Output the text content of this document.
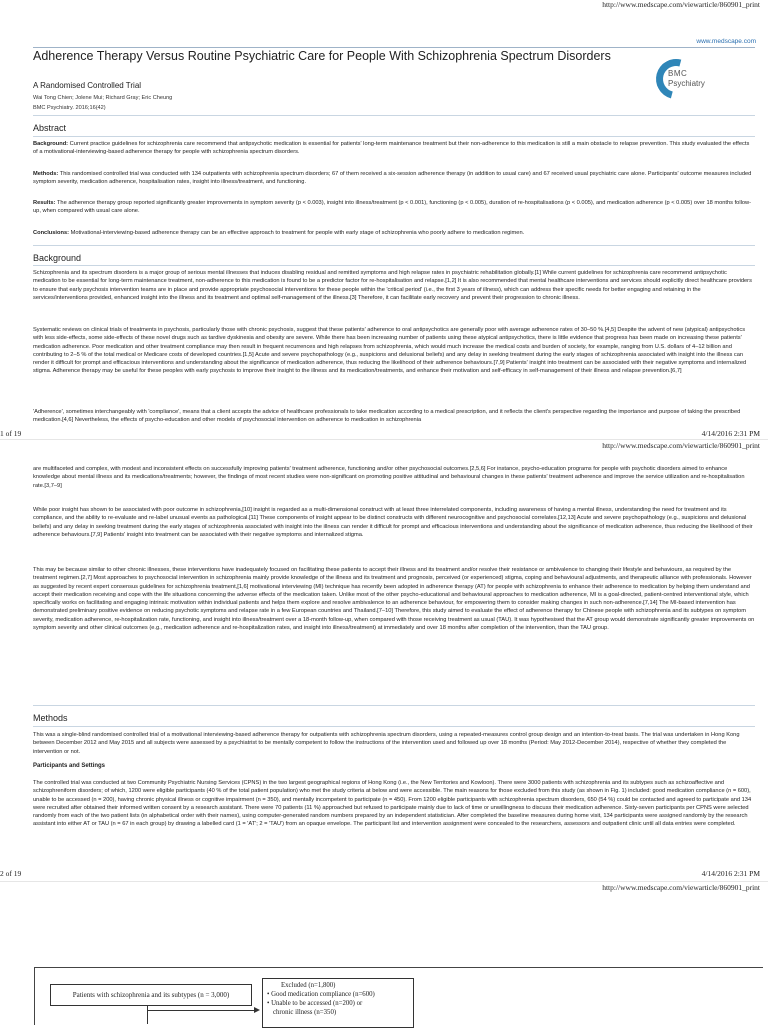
http://www.medscape.com/viewarticle/860901_print
www.medscape.com
Adherence Therapy Versus Routine Psychiatric Care for People With Schizophrenia Spectrum Disorders
BMC
Psychiatry
A Randomised Controlled Trial
Wai Tong Chien; Jolene Mui; Richard Gray; Eric Cheung
BMC Psychiatry. 2016;16(42)
Abstract

Background: Current practice guidelines for schizophrenia care recommend that antipsychotic medication is essential for patients' long-term maintenance treatment but their non-adherence to this medication is still a main obstacle to relapse prevention. This study evaluated the effects of a motivational-interviewing-based adherence therapy for people with schizophrenia spectrum disorders.

Methods: This randomised controlled trial was conducted with 134 outpatients with schizophrenia spectrum disorders; 67 of them received a six-session adherence therapy (in addition to usual care) and 67 received usual psychiatric care alone. Participants' outcome measures included symptom severity, medication adherence, hospitalisation rates, insight into illness/treatment, and functioning.

Results: The adherence therapy group reported significantly greater improvements in symptom severity (p < 0.003), insight into illness/treatment (p < 0.001), functioning (p < 0.005), duration of re-hospitalisations (p < 0.005), and medication adherence (p < 0.005) over 18 months follow-up, when compared with usual care alone.

Conclusions: Motivational-interviewing-based adherence therapy can be an effective approach to treatment for people with early stage of schizophrenia who poorly adhere to medication regimen.

Background

Schizophrenia and its spectrum disorders is a major group of serious mental illnesses that induces disabling residual and remitted symptoms and high relapse rates in psychiatric rehabilitation globally.[1] While current guidelines for schizophrenia care recommend antipsychotic medication to be essential for long-term maintenance treatment, non-adherence to this medication is found to be a predictor factor for re-hospitalisation and relapse.[1,2] It is also recommended that mental healthcare interventions and services should explicitly direct healthcare providers to ensure that early psychosis intervention teams are in place and provide appropriate psychosocial interventions for these people within the 'critical period' (i.e., the first 3 years of illness), which can address their specific needs for better engaging and retaining in the services/interventions provided, enhanced insight into the illness and its treatment and optimal self-management of the illness.[3] Therefore, it can facilitate early recovery and prevent their progression to chronic illness.

Systematic reviews on clinical trials of treatments in psychosis, particularly those with chronic psychosis, suggest that these patients' adherence to oral antipsychotics are generally poor with average adherence rates of 30–50 %.[4,5] Despite the advent of new (atypical) antipsychotics with less side-effects, some side-effects of these novel drugs such as tardive dyskinesia and obesity are severe. While there has been increasing number of patients using these atypical antipsychotics, there is little evidence that progress has been made on increasing these patients' medication adherence. Poor medication and other treatment compliance may then result in frequent recurrences and high relapses from schizophrenia, which would much increase the medical costs and burden of society, for example, ranging from U.S. dollars of 4–12 billion and contributing to 2–5 % of the total medical or Medicare costs of developed countries.[1,5] Acute and severe psychopathology (e.g., suspicions and delusional beliefs) and any delay in seeking treatment during the early stages of schizophrenia associated with insight into the illness can render it difficult for prompt and efficacious interventions and understanding about the significance of medication adherence, thus reducing the likelihood of their adherence behaviours.[7,9] Patients' insight into treatment can be associated with their negative symptoms and internalized stigma. Adherence therapy may be useful for these peoples with early psychosis to improve their insight to the illness and its medication/treatments, and enhance their motivation and self-efficacy in self-management of their illness and relapse prevention.[6,7]

'Adherence', sometimes interchangeably with 'compliance', means that a client accepts the advice of healthcare professionals to take medication according to a medical prescription, and it reflects the client's perspective regarding the importance and purpose of taking the prescribed medication.[4,6] Nevertheless, the effects of psycho-education and other models of psychosocial intervention on adherence to medication in schizophrenia

1 of 19	4/14/2016 2:31 PM
http://www.medscape.com/viewarticle/860901_print

are multifaceted and complex, with modest and inconsistent effects on successfully improving patients' treatment adherence, functioning and/or other psychosocial outcomes.[2,5,6] For instance, psycho-education programs for people with psychotic disorders aimed to enhance knowledge about mental illness and its medications/treatments; however, the findings of most recent studies were non-significant on promoting positive attitudinal and behavioural changes in these patients' treatment adherence and improve the service utilization and re-hospitalisation rate.[3,7–9]

While poor insight has shown to be associated with poor outcome in schizophrenia,[10] insight is regarded as a multi-dimensional construct with at least three interrelated components, including awareness of having a mental illness, understanding the need for treatment and its compliance, and the ability to re-evaluate and re-label unusual events as pathological.[11] These components of insight appear to be distinct constructs with different neurocognitive and psychosocial correlates.[12,13] Acute and severe psychopathology (e.g., suspicions and delusional beliefs) and any delay in seeking treatment during the early stages of schizophrenia associated with insight into the illness can render it difficult for prompt and efficacious interventions and understanding about the significance of medication adherence, thus reducing the likelihood of their adherence behaviours.[7,9] Patients' insight into treatment can be associated with their negative symptoms and internalized stigma.

This may be because similar to other chronic illnesses, these interventions have inadequately focused on facilitating these patients to accept their illness and its treatment and/or resolve their resistance or ambivalence to changing their lifestyle and behaviours, as required by the treatment regimen.[2,7] Most approaches to psychosocial intervention in schizophrenia mainly provide knowledge of the illness and its treatment and prognosis, perceived (or experienced) stigma, coping and behavioural adjustments, and therapeutic alliance with professionals. However as suggested by recent expert consensus guidelines for schizophrenia treatment,[1,6] motivational interviewing (MI) technique has recently been adopted in adherence therapy (AT) for people with schizophrenia to enhance their adherence to medication by helping them understand and accept their medication receiving and cope with the life situations concerning the adverse effects of the medication taken. Unlike most of the other psycho-educational and behavioural approaches to medication adherence, MI is a goal-directed, patient-centred interventional style, which specifically works on facilitating and engaging intrinsic motivation within individual patients and helps them explore and resolve ambivalence to an adherence behaviour, for empowering them to consider making changes in such non-adherence.[7,14] The MI-based intervention has demonstrated preliminary positive evidence on reducing psychotic symptoms and relapse rate in a few European countries and Thailand.[7–10] Therefore, this study aimed to evaluate the effect of adherence therapy for Chinese people with schizophrenia and its subtypes on symptom severity, medication adherence, re-hospitalization rate, functioning, and insight into illness/treatment over a 18-month follow-up, when compared with those receiving treatment as usual (TAU). It was hypothesised that the AT group would demonstrate significantly greater improvements on symptom severity and other clinical outcomes (e.g., medication adherence and re-hospitalization rates, and insight into illness/treatment) at immediately and over 18 months after completion of the intervention, than the TAU group.

Methods

This was a single-blind randomised controlled trial of a motivational interviewing-based adherence therapy for outpatients with schizophrenia spectrum disorders, using a repeated-measures control group design and an intention-to-treat basis. The trial was undertaken in Hong Kong between December 2012 and May 2015 and all subjects were assessed by a psychiatrist to be mentally competent to follow the instructions of the intervention used and followed up over 18 months (Period: May 2012-December 2014), respective of whether they completed the intervention or not.

Participants and Settings

The controlled trial was conducted at two Community Psychiatric Nursing Services (CPNS) in the two largest geographical regions of Hong Kong (i.e., the New Territories and Kowloon). There were 3000 patients with schizophrenia and its subtypes such as schizoaffective and schizophreniform disorders; of which, 1200 were eligible participants (40 % of the total patient population) who met the study criteria at below and were accessible. The main reasons for those excluded from this study (as shown in Fig. 1) included: good medication compliance (n = 600), unable to be accessed (n = 200), having chronic physical illness or cognitive impairment (n = 350), and mentally incompetent to participate (n = 450). From 1200 eligible participants with schizophrenia spectrum disorders, 650 (54 %) could be contacted and agreed to participate and 134 were recruited after obtained their informed written consent by a research assistant. There were 70 patients (11 %) approached but refused to participate mainly due to lack of time or unwillingness to discuss their medication adherence. Sixty-seven participants per CPNS were selected randomly from each of the two patient lists (in alphabetical order with their names), using computer-generated random numbers prepared by an independent statistician. After completed the baseline measures during home visit, 134 participants were assigned randomly by the research assistant into either AT or TAU (n = 67 in each group) by drawing a labelled card (1 = 'AT'; 2 = 'TAU') from an opaque envelope. The participant list and intervention assignment were concealed to the researchers, assessors and outpatient clinic until all data entries were completed.

2 of 19	4/14/2016 2:31 PM
http://www.medscape.com/viewarticle/860901_print
Patients with schizophrenia and its subtypes (n = 3,000)
Excluded (n=1,800)
• Good medication compliance (n=600)
• Unable to be accessed (n=200) or
chronic illness (n=350)
